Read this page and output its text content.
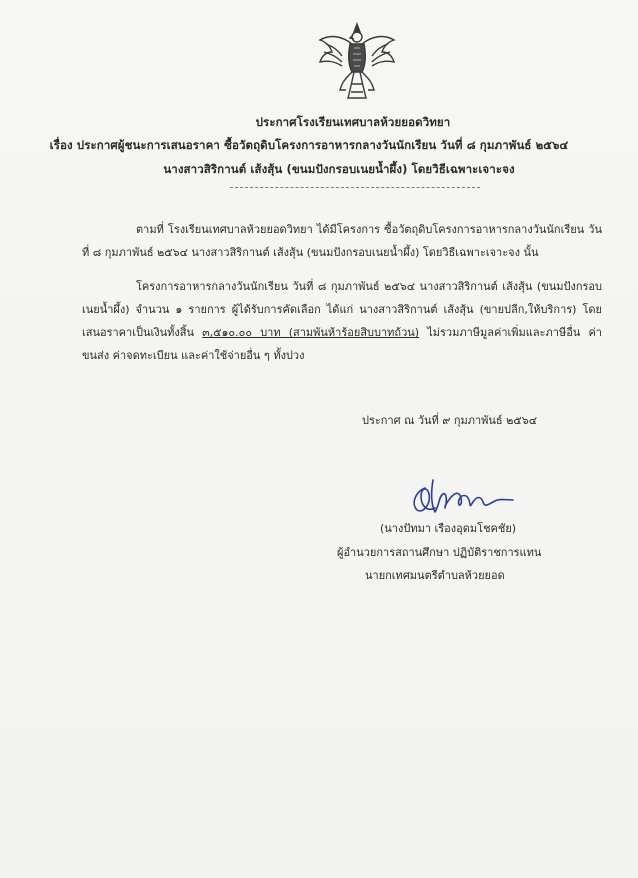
ประกาศโรงเรียนเทศบาลห้วยยอดวิทยา
เรื่อง ประกาศผู้ชนะการเสนอราคา ซื้อวัตถุดิบโครงการอาหารกลางวันนักเรียน วันที่ ๘ กุมภาพันธ์ ๒๕๖๔
นางสาวสิริกานต์ เส้งสุ้น (ขนมปังกรอบเนยน้ำผึ้ง) โดยวิธีเฉพาะเจาะจง
ตามที่ โรงเรียนเทศบาลห้วยยอดวิทยา ได้มีโครงการ ซื้อวัตถุดิบโครงการอาหารกลางวันนักเรียน วันที่ ๘ กุมภาพันธ์ ๒๕๖๔ นางสาวสิริกานต์ เส้งสุ้น (ขนมปังกรอบเนยน้ำผึ้ง) โดยวิธีเฉพาะเจาะจง นั้น
โครงการอาหารกลางวันนักเรียน วันที่ ๘ กุมภาพันธ์ ๒๕๖๔ นางสาวสิริกานต์ เส้งสุ้น (ขนมปังกรอบเนยน้ำผึ้ง) จำนวน ๑ รายการ ผู้ได้รับการคัดเลือก ได้แก่ นางสาวสิริกานต์ เส้งสุ้น (ขายปลีก,ให้บริการ) โดยเสนอราคาเป็นเงินทั้งสิ้น ๓,๕๑๐.๐๐ บาท (สามพันห้าร้อยสิบบาทถ้วน) ไม่รวมภาษีมูลค่าเพิ่มและภาษีอื่น ค่าขนส่ง ค่าจดทะเบียน และค่าใช้จ่ายอื่น ๆ ทั้งปวง
ประกาศ ณ วันที่ ๙ กุมภาพันธ์ ๒๕๖๔
(นางปัทมา เรืองอุดมโชคชัย)
ผู้อำนวยการสถานศึกษา ปฏิบัติราชการแทน
นายกเทศมนตรีตำบลห้วยยอด
